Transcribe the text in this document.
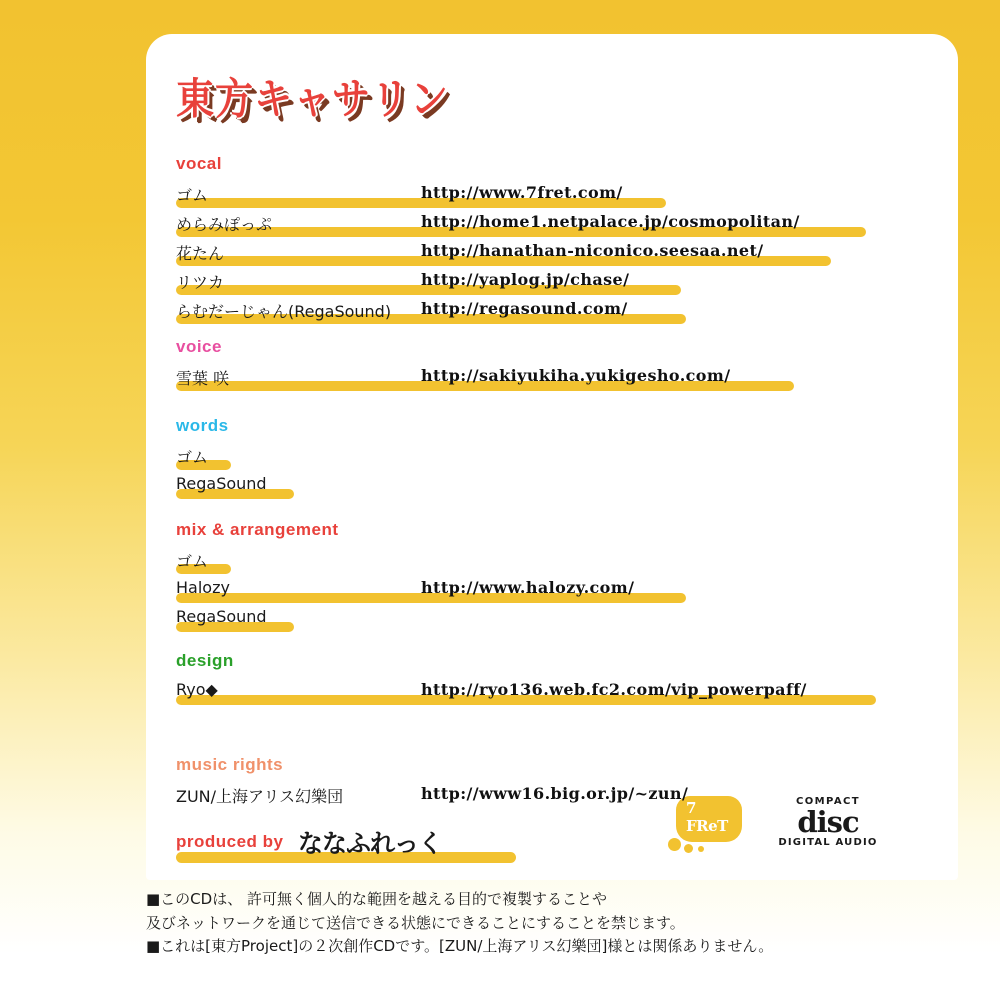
東方キャサリン
music rights
ZUN/上海アリス幻樂団	http://www16.big.or.jp/~zun/
design
Ryo◆	http://ryo136.web.fc2.com/vip_powerpaff/
mix & arrangement
ゴム
Halozy	http://www.halozy.com/
RegaSound
words
ゴム
RegaSound
voice
雪葉 咲	http://sakiyukiha.yukigesho.com/
vocal
ゴム	http://www.7fret.com/
めらみぽっぷ	http://home1.netpalace.jp/cosmopolitan/
花たん	http://hanathan-niconico.seesaa.net/
リツカ	http://yaplog.jp/chase/
らむだーじゃん(RegaSound)	http://regasound.com/
produced by ななふれっく
7
FReT
COMPACT
disc
DIGITAL AUDIO
■このCDは、 許可無く個人的な範囲を越える目的で複製することや
及びネットワークを通じて送信できる状態にできることにすることを禁じます。
■これは[東方Project]の２次創作CDです。[ZUN/上海アリス幻樂団]様とは関係ありません。
